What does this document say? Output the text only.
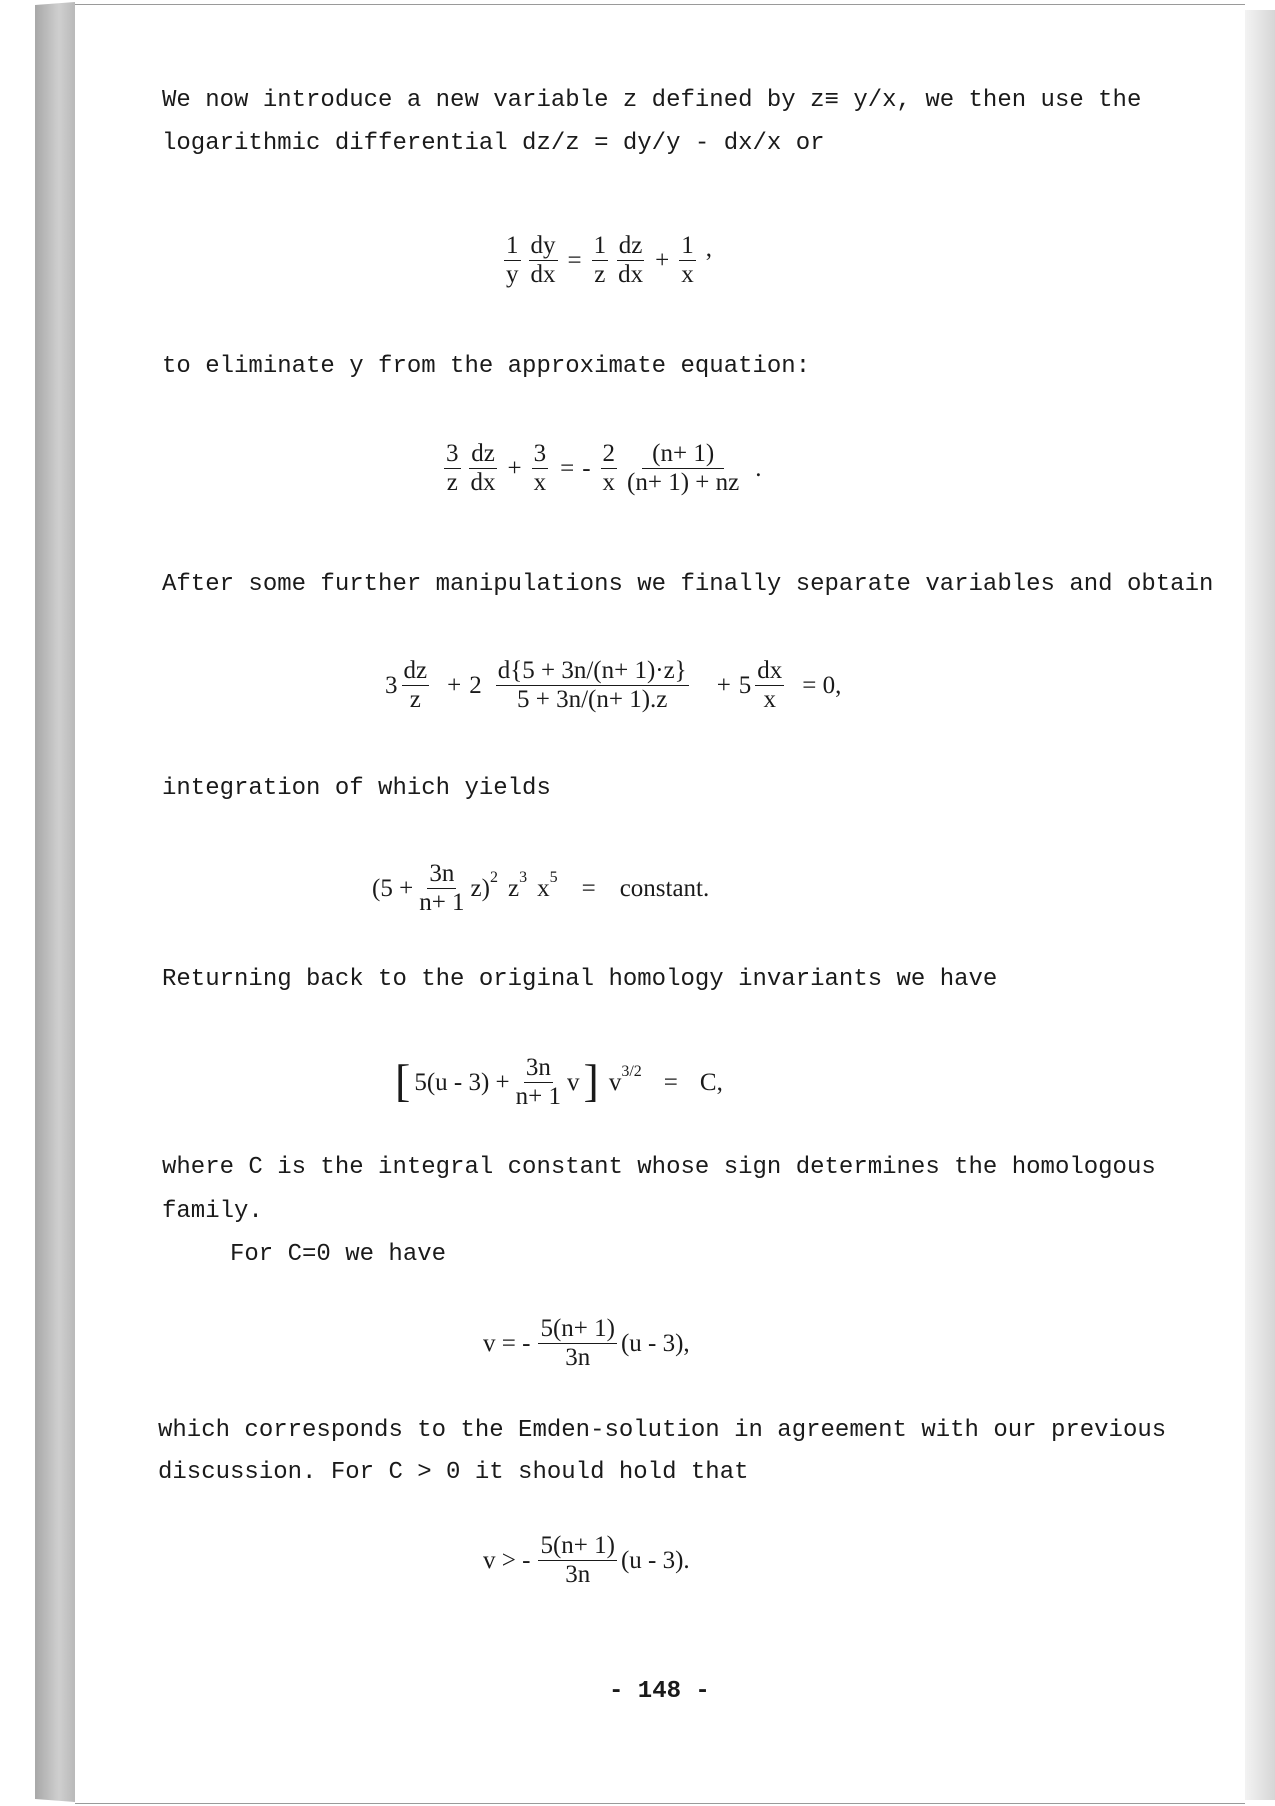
We now introduce a new variable z defined by z≡ y/x, we then use the
logarithmic differential dz/z = dy/y - dx/x or
$\frac{1}{y} \frac{dy}{dx} = \frac{1}{z} \frac{dz}{dx} + \frac{1}{x}$ ,
to eliminate y from the approximate equation:
$\frac{3}{z} \frac{dz}{dx} + \frac{3}{x}$ = - $\frac{2}{x} \frac{(n+ 1)}{(n+ 1) + nz}$ .
After some further manipulations we finally separate variables and obtain
$3 \frac{dz}{z} + 2 \frac{d\{5 + 3n/(n+ 1)\cdot z\}}{5 + 3n/(n+ 1).z} + 5 \frac{dx}{x} = 0$,
integration of which yields
$(5 + \frac{3n}{n+ 1} z)$ 2 z 3 x 5 = constant.
Returning back to the original homology invariants we have
[ $5(u - 3) + \frac{3n}{n+ 1}$ v ] v 3/2 = C,
where C is the integral constant whose sign determines the homologous
family.
For C=0 we have
v = - $\frac{5(n+ 1)}{3n} (u - 3)$,
which corresponds to the Emden-solution in agreement with our previous
discussion. For C > 0 it should hold that
v > - $\frac{5(n+ 1)}{3n} (u - 3)$.
- 148 -
